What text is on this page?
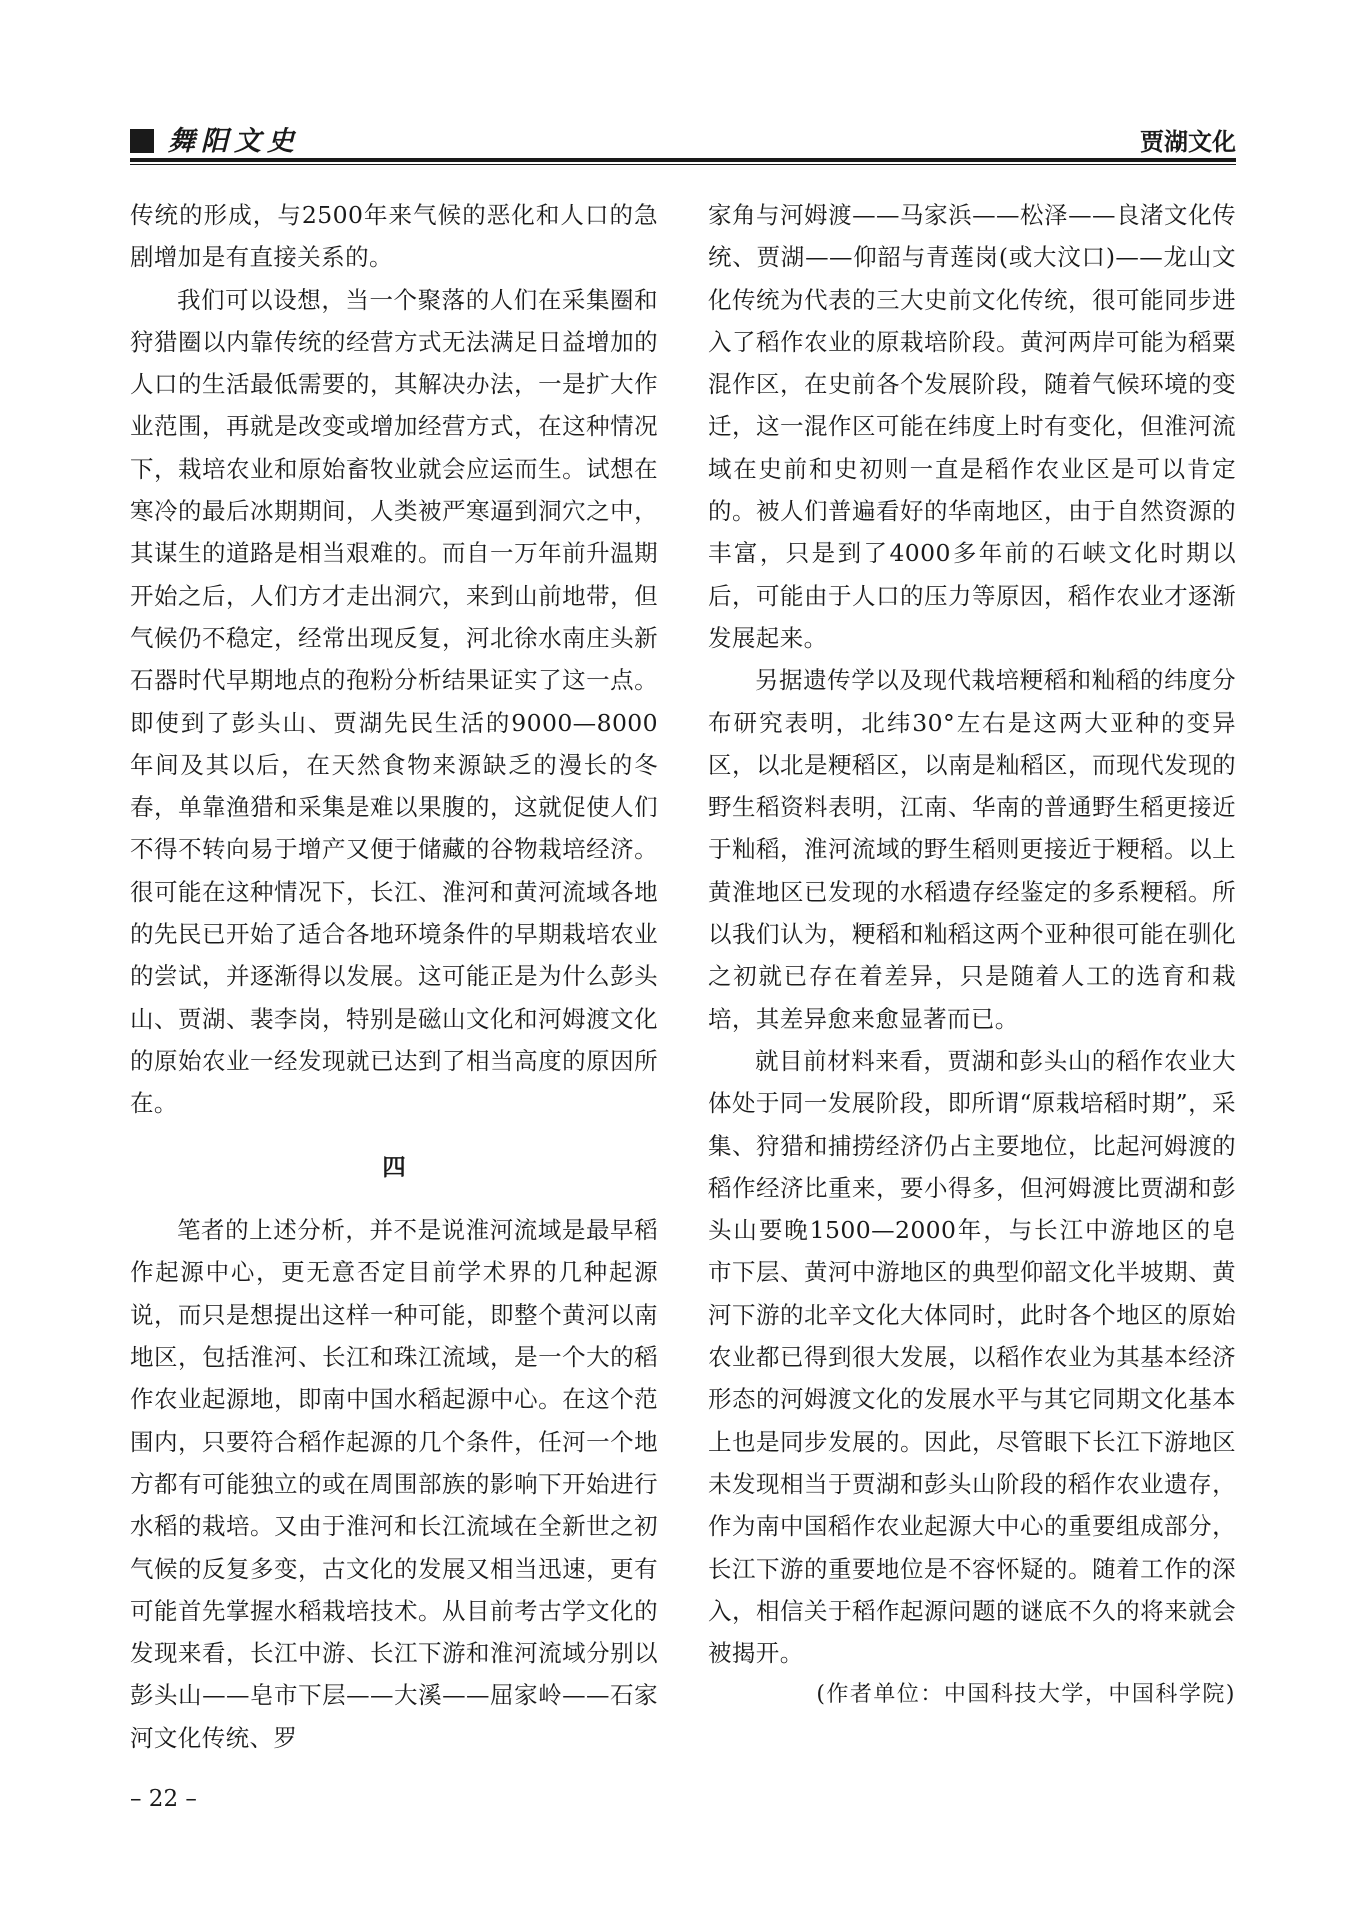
舞阳文史	贾湖文化

传统的形成，与2500年来气候的恶化和人口的急剧增加是有直接关系的。

我们可以设想，当一个聚落的人们在采集圈和狩猎圈以内靠传统的经营方式无法满足日益增加的人口的生活最低需要的，其解决办法，一是扩大作业范围，再就是改变或增加经营方式，在这种情况下，栽培农业和原始畜牧业就会应运而生。试想在寒冷的最后冰期期间，人类被严寒逼到洞穴之中，其谋生的道路是相当艰难的。而自一万年前升温期开始之后，人们方才走出洞穴，来到山前地带，但气候仍不稳定，经常出现反复，河北徐水南庄头新石器时代早期地点的孢粉分析结果证实了这一点。即使到了彭头山、贾湖先民生活的9000—8000年间及其以后，在天然食物来源缺乏的漫长的冬春，单靠渔猎和采集是难以果腹的，这就促使人们不得不转向易于增产又便于储藏的谷物栽培经济。很可能在这种情况下，长江、淮河和黄河流域各地的先民已开始了适合各地环境条件的早期栽培农业的尝试，并逐渐得以发展。这可能正是为什么彭头山、贾湖、裴李岗，特别是磁山文化和河姆渡文化的原始农业一经发现就已达到了相当高度的原因所在。

四

笔者的上述分析，并不是说淮河流域是最早稻作起源中心，更无意否定目前学术界的几种起源说，而只是想提出这样一种可能，即整个黄河以南地区，包括淮河、长江和珠江流域，是一个大的稻作农业起源地，即南中国水稻起源中心。在这个范围内，只要符合稻作起源的几个条件，任河一个地方都有可能独立的或在周围部族的影响下开始进行水稻的栽培。又由于淮河和长江流域在全新世之初气候的反复多变，古文化的发展又相当迅速，更有可能首先掌握水稻栽培技术。从目前考古学文化的发现来看，长江中游、长江下游和淮河流域分别以彭头山——皂市下层——大溪——屈家岭——石家河文化传统、罗

家角与河姆渡——马家浜——松泽——良渚文化传统、贾湖——仰韶与青莲岗(或大汶口)——龙山文化传统为代表的三大史前文化传统，很可能同步进入了稻作农业的原栽培阶段。黄河两岸可能为稻粟混作区，在史前各个发展阶段，随着气候环境的变迁，这一混作区可能在纬度上时有变化，但淮河流域在史前和史初则一直是稻作农业区是可以肯定的。被人们普遍看好的华南地区，由于自然资源的丰富，只是到了4000多年前的石峡文化时期以后，可能由于人口的压力等原因，稻作农业才逐渐发展起来。

另据遗传学以及现代栽培粳稻和籼稻的纬度分布研究表明，北纬30°左右是这两大亚种的变异区，以北是粳稻区，以南是籼稻区，而现代发现的野生稻资料表明，江南、华南的普通野生稻更接近于籼稻，淮河流域的野生稻则更接近于粳稻。以上黄淮地区已发现的水稻遗存经鉴定的多系粳稻。所以我们认为，粳稻和籼稻这两个亚种很可能在驯化之初就已存在着差异，只是随着人工的选育和栽培，其差异愈来愈显著而已。

就目前材料来看，贾湖和彭头山的稻作农业大体处于同一发展阶段，即所谓“原栽培稻时期”，采集、狩猎和捕捞经济仍占主要地位，比起河姆渡的稻作经济比重来，要小得多，但河姆渡比贾湖和彭头山要晚1500—2000年，与长江中游地区的皂市下层、黄河中游地区的典型仰韶文化半坡期、黄河下游的北辛文化大体同时，此时各个地区的原始农业都已得到很大发展，以稻作农业为其基本经济形态的河姆渡文化的发展水平与其它同期文化基本上也是同步发展的。因此，尽管眼下长江下游地区未发现相当于贾湖和彭头山阶段的稻作农业遗存，作为南中国稻作农业起源大中心的重要组成部分，长江下游的重要地位是不容怀疑的。随着工作的深入，相信关于稻作起源问题的谜底不久的将来就会被揭开。

(作者单位：中国科技大学，中国科学院)

– 22 –
